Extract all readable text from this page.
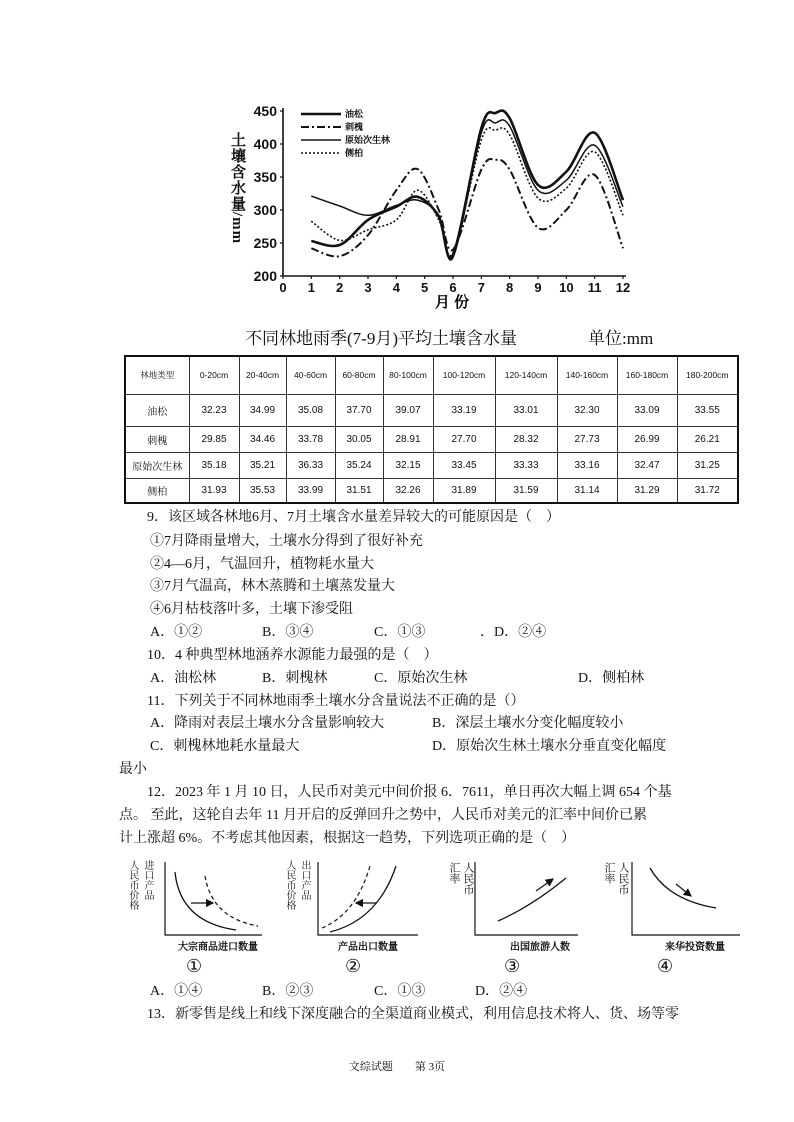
土壤含水量/mm
200
250
300
350
400
450
0 1 2 3 4 5 6 7 8 9 10 11 12
月 份
油松
刺槐
原始次生林
侧柏
不同林地雨季(7-9月)平均土壤含水量	单位:mm
林地类型	0-20cm	20-40cm	40-60cm	60-80cm	80-100cm	100-120cm	120-140cm	140-160cm	160-180cm	180-200cm
油松	32.23	34.99	35.08	37.70	39.07	33.19	33.01	32.30	33.09	33.55
刺槐	29.85	34.46	33.78	30.05	28.91	27.70	28.32	27.73	26.99	26.21
原始次生林	35.18	35.21	36.33	35.24	32.15	33.45	33.33	33.16	32.47	31.25
侧柏	31.93	35.53	33.99	31.51	32.26	31.89	31.59	31.14	31.29	31.72
9．该区域各林地6月、7月土壤含水量差异较大的可能原因是（　）
①7月降雨量增大，土壤水分得到了很好补充
②4—6月，气温回升，植物耗水量大
③7月气温高，林木蒸腾和土壤蒸发量大
④6月枯枝落叶多，土壤下渗受阻
A．①②	B．③④	C．①③	．D．②④
10．4 种典型林地涵养水源能力最强的是（　）
A．油松林	B．刺槐林	C．原始次生林	D．侧柏林
11．下列关于不同林地雨季土壤水分含量说法不正确的是（）
A．降雨对表层土壤水分含量影响较大	B．深层土壤水分变化幅度较小
C．刺槐林地耗水量最大	D．原始次生林土壤水分垂直变化幅度
最小
12．2023 年 1 月 10 日，人民币对美元中间价报 6．7611，单日再次大幅上调 654 个基
点。 至此，这轮自去年 11 月开启的反弹回升之势中，人民币对美元的汇率中间价已累
计上涨超 6%。不考虑其他因素，根据这一趋势，下列选项正确的是（　）
人民币价格 进口产品
大宗商品进口数量
人民币价格 出口产品
产品出口数量
汇率 人民币
出国旅游人数
汇率 人民币
来华投资数量
①	②	③	④
A．①④	B．②③	C．①③	D．②④
13．新零售是线上和线下深度融合的全渠道商业模式，利用信息技术将人、货、场等零
文综试题　　第 3页
